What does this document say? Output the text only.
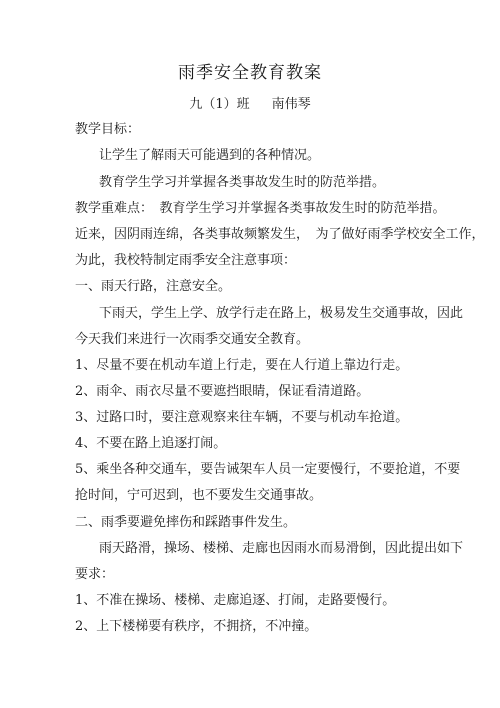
雨季安全教育教案
九（1）班 南伟琴
教学目标：
让学生了解雨天可能遇到的各种情况。
教育学生学习并掌握各类事故发生时的防范举措。
教学重难点：　教育学生学习并掌握各类事故发生时的防范举措。
近来，因阴雨连绵，各类事故频繁发生，　为了做好雨季学校安全工作，
为此，我校特制定雨季安全注意事项：
一、雨天行路，注意安全。
下雨天，学生上学、放学行走在路上，极易发生交通事故，因此
今天我们来进行一次雨季交通安全教育。
1、尽量不要在机动车道上行走，要在人行道上靠边行走。
2、雨伞、雨衣尽量不要遮挡眼睛，保证看清道路。
3、过路口时，要注意观察来往车辆，不要与机动车抢道。
4、不要在路上追逐打闹。
5、乘坐各种交通车，要告诫架车人员一定要慢行，不要抢道，不要
抢时间，宁可迟到，也不要发生交通事故。
二、雨季要避免摔伤和踩踏事件发生。
雨天路滑，操场、楼梯、走廊也因雨水而易滑倒，因此提出如下
要求：
1、不准在操场、楼梯、走廊追逐、打闹，走路要慢行。
2、上下楼梯要有秩序，不拥挤，不冲撞。
